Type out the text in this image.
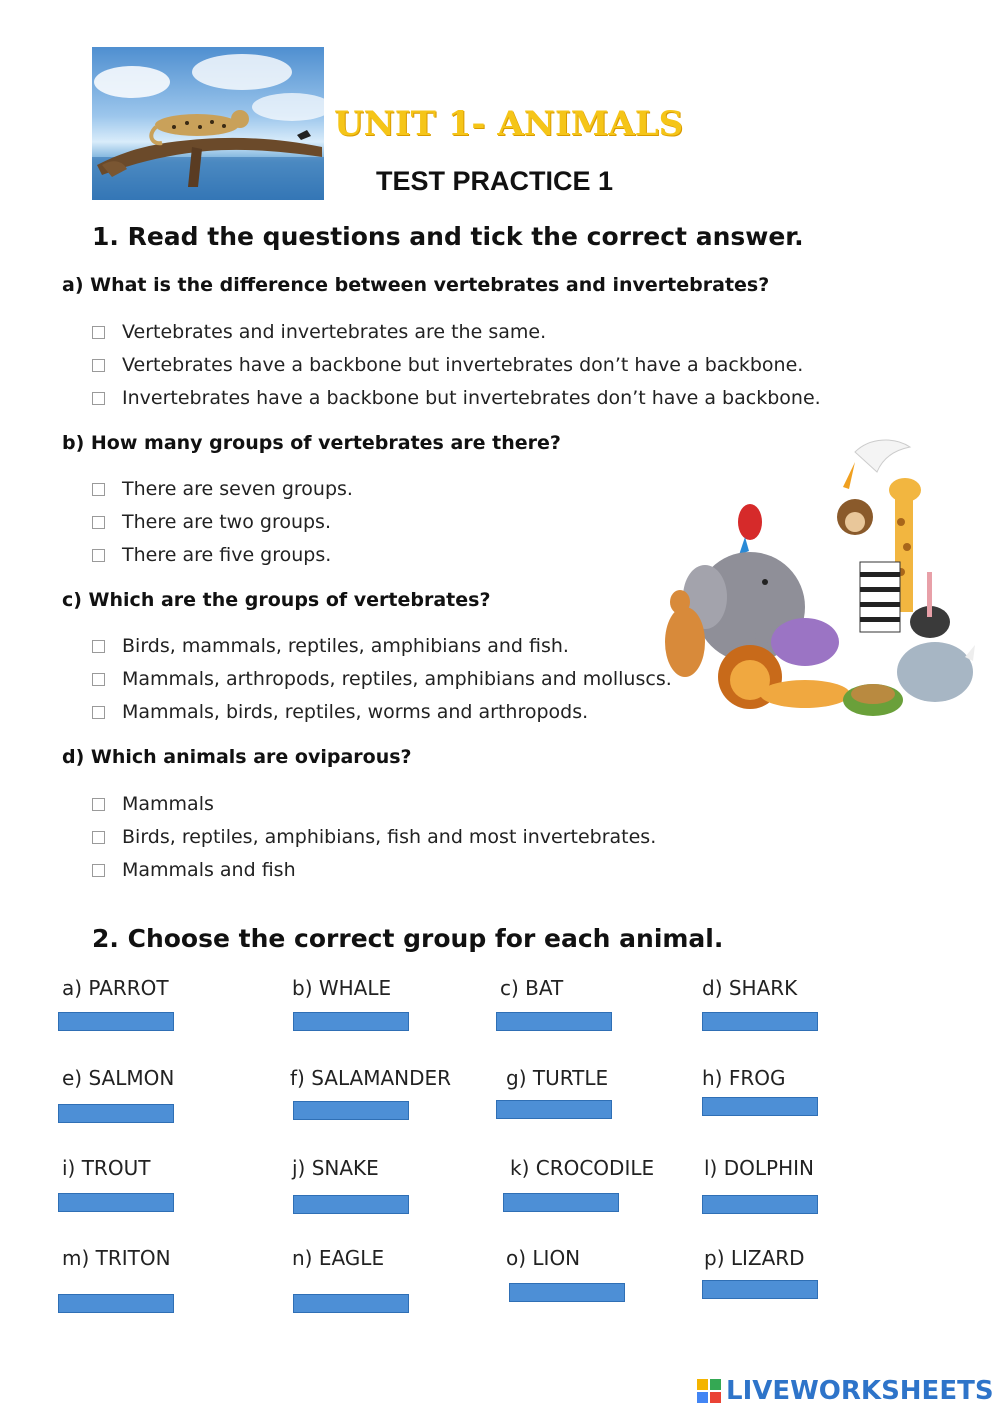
UNIT 1- ANIMALS
TEST PRACTICE 1
1. Read the questions and tick the correct answer.
a) What is the difference between vertebrates and invertebrates?
Vertebrates and invertebrates are the same.
Vertebrates have a backbone but invertebrates don’t have a backbone.
Invertebrates have a backbone but invertebrates don’t have a backbone.
b) How many groups of vertebrates are there?
There are seven groups.
There are two groups.
There are five groups.
c) Which are the groups of vertebrates?
Birds, mammals, reptiles, amphibians and fish.
Mammals, arthropods, reptiles, amphibians and molluscs.
Mammals, birds, reptiles, worms and arthropods.
d) Which animals are oviparous?
Mammals
Birds, reptiles, amphibians, fish and most invertebrates.
Mammals and fish
2. Choose the correct group for each animal.
a) PARROT	b) WHALE	c) BAT	d) SHARK
e) SALMON	f) SALAMANDER	g) TURTLE	h) FROG
i) TROUT	j) SNAKE	k) CROCODILE l) DOLPHIN
m) TRITON	n) EAGLE	o) LION	p) LIZARD
LIVEWORKSHEETS
